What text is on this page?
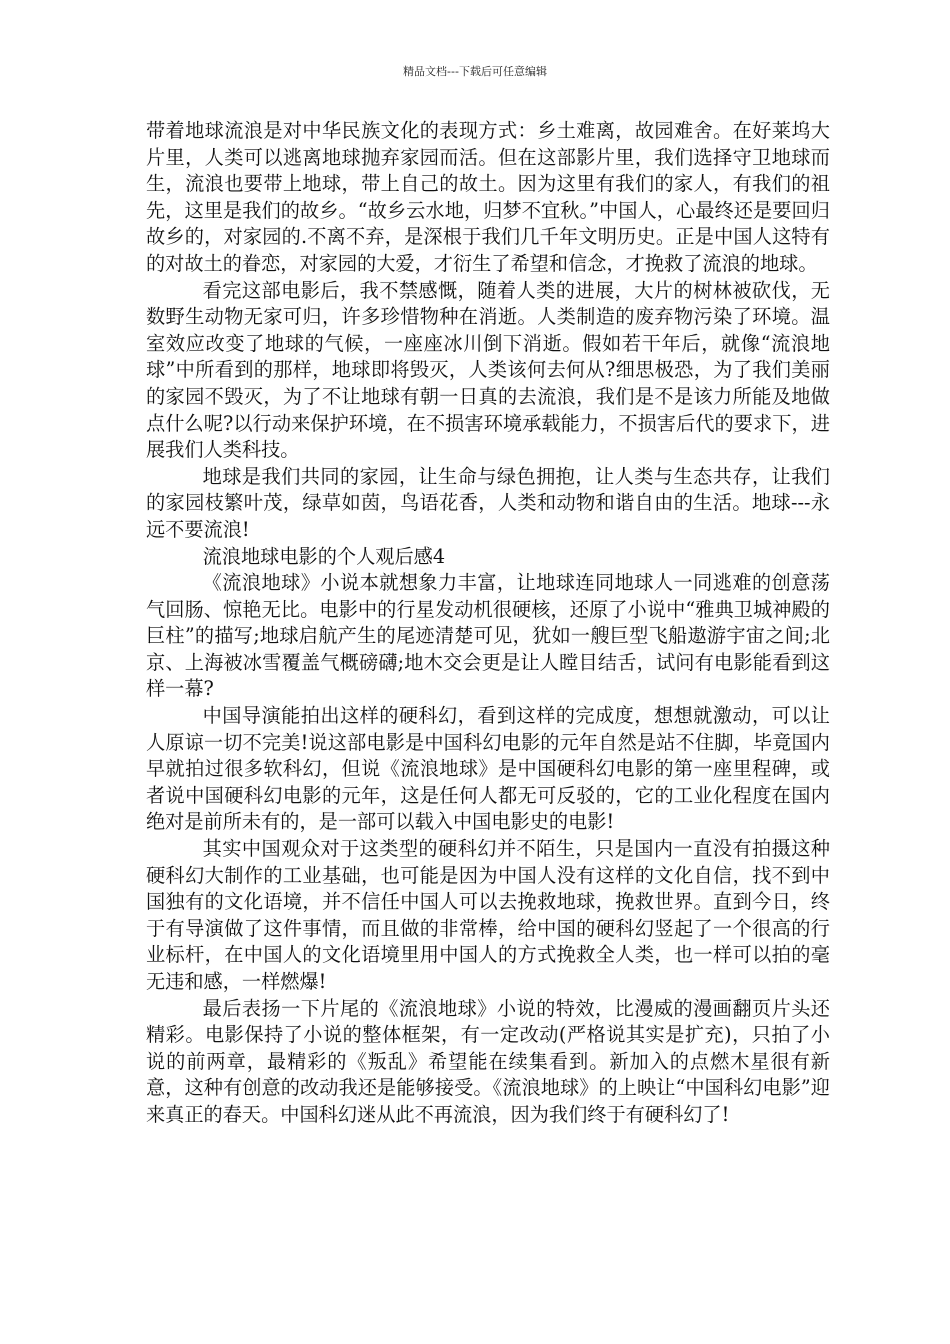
精品文档---下载后可任意编辑

带着地球流浪是对中华民族文化的表现方式：乡土难离，故园难舍。在好莱坞大片里，人类可以逃离地球抛弃家园而活。但在这部影片里，我们选择守卫地球而生，流浪也要带上地球，带上自己的故土。因为这里有我们的家人，有我们的祖先，这里是我们的故乡。“故乡云水地，归梦不宜秋。”中国人，心最终还是要回归故乡的，对家园的.不离不弃，是深根于我们几千年文明历史。正是中国人这特有的对故土的眷恋，对家园的大爱，才衍生了希望和信念，才挽救了流浪的地球。

看完这部电影后，我不禁感慨，随着人类的进展，大片的树林被砍伐，无数野生动物无家可归，许多珍惜物种在消逝。人类制造的废弃物污染了环境。温室效应改变了地球的气候，一座座冰川倒下消逝。假如若干年后，就像“流浪地球”中所看到的那样，地球即将毁灭，人类该何去何从?细思极恐，为了我们美丽的家园不毁灭，为了不让地球有朝一日真的去流浪，我们是不是该力所能及地做点什么呢?以行动来保护环境，在不损害环境承载能力，不损害后代的要求下，进展我们人类科技。

地球是我们共同的家园，让生命与绿色拥抱，让人类与生态共存，让我们的家园枝繁叶茂，绿草如茵，鸟语花香，人类和动物和谐自由的生活。地球---永远不要流浪!

流浪地球电影的个人观后感4

《流浪地球》小说本就想象力丰富，让地球连同地球人一同逃难的创意荡气回肠、惊艳无比。电影中的行星发动机很硬核，还原了小说中“雅典卫城神殿的巨柱”的描写;地球启航产生的尾迹清楚可见，犹如一艘巨型飞船遨游宇宙之间;北京、上海被冰雪覆盖气概磅礴;地木交会更是让人瞠目结舌，试问有电影能看到这样一幕?

中国导演能拍出这样的硬科幻，看到这样的完成度，想想就激动，可以让人原谅一切不完美!说这部电影是中国科幻电影的元年自然是站不住脚，毕竟国内早就拍过很多软科幻，但说《流浪地球》是中国硬科幻电影的第一座里程碑，或者说中国硬科幻电影的元年，这是任何人都无可反驳的，它的工业化程度在国内绝对是前所未有的，是一部可以载入中国电影史的电影!

其实中国观众对于这类型的硬科幻并不陌生，只是国内一直没有拍摄这种硬科幻大制作的工业基础，也可能是因为中国人没有这样的文化自信，找不到中国独有的文化语境，并不信任中国人可以去挽救地球，挽救世界。直到今日，终于有导演做了这件事情，而且做的非常棒，给中国的硬科幻竖起了一个很高的行业标杆，在中国人的文化语境里用中国人的方式挽救全人类，也一样可以拍的毫无违和感，一样燃爆!

最后表扬一下片尾的《流浪地球》小说的特效，比漫威的漫画翻页片头还精彩。电影保持了小说的整体框架，有一定改动(严格说其实是扩充)，只拍了小说的前两章，最精彩的《叛乱》希望能在续集看到。新加入的点燃木星很有新意，这种有创意的改动我还是能够接受。《流浪地球》的上映让“中国科幻电影”迎来真正的春天。中国科幻迷从此不再流浪，因为我们终于有硬科幻了!
